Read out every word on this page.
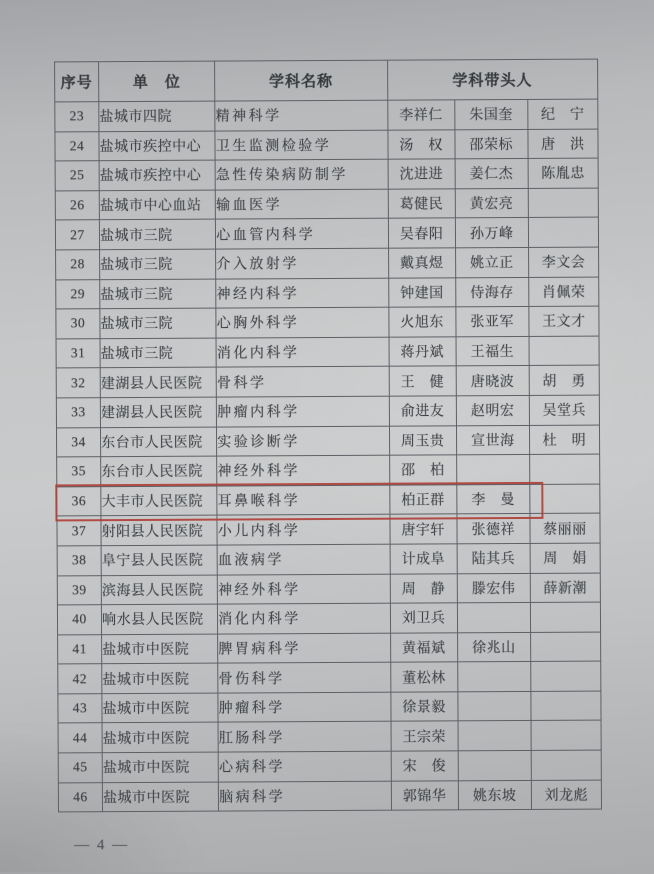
序号	单　位	学科名称	学科带头人		
23	盐城市四院	精神科学	李祥仁	朱国奎	纪　宁
24	盐城市疾控中心	卫生监测检验学	汤　权	邵荣标	唐　洪
25	盐城市疾控中心	急性传染病防制学	沈进进	姜仁杰	陈胤忠
26	盐城市中心血站	输血医学	葛健民	黄宏亮	
27	盐城市三院	心血管内科学	吴春阳	孙万峰	
28	盐城市三院	介入放射学	戴真煜	姚立正	李文会
29	盐城市三院	神经内科学	钟建国	侍海存	肖佩荣
30	盐城市三院	心胸外科学	火旭东	张亚军	王文才
31	盐城市三院	消化内科学	蒋丹斌	王福生	
32	建湖县人民医院	骨科学	王　健	唐晓波	胡　勇
33	建湖县人民医院	肿瘤内科学	俞进友	赵明宏	吴堂兵
34	东台市人民医院	实验诊断学	周玉贵	宣世海	杜　明
35	东台市人民医院	神经外科学	邵　柏		
36	大丰市人民医院	耳鼻喉科学	柏正群	李　曼	
37	射阳县人民医院	小儿内科学	唐宇轩	张德祥	蔡丽丽
38	阜宁县人民医院	血液病学	计成阜	陆其兵	周　娟
39	滨海县人民医院	神经外科学	周　静	滕宏伟	薛新潮
40	响水县人民医院	消化内科学	刘卫兵		
41	盐城市中医院	脾胃病科学	黄福斌	徐兆山	
42	盐城市中医院	骨伤科学	董松林		
43	盐城市中医院	肿瘤科学	徐景毅		
44	盐城市中医院	肛肠科学	王宗荣		
45	盐城市中医院	心病科学	宋　俊		
46	盐城市中医院	脑病科学	郭锦华	姚东坡	刘龙彪
— 4 —
